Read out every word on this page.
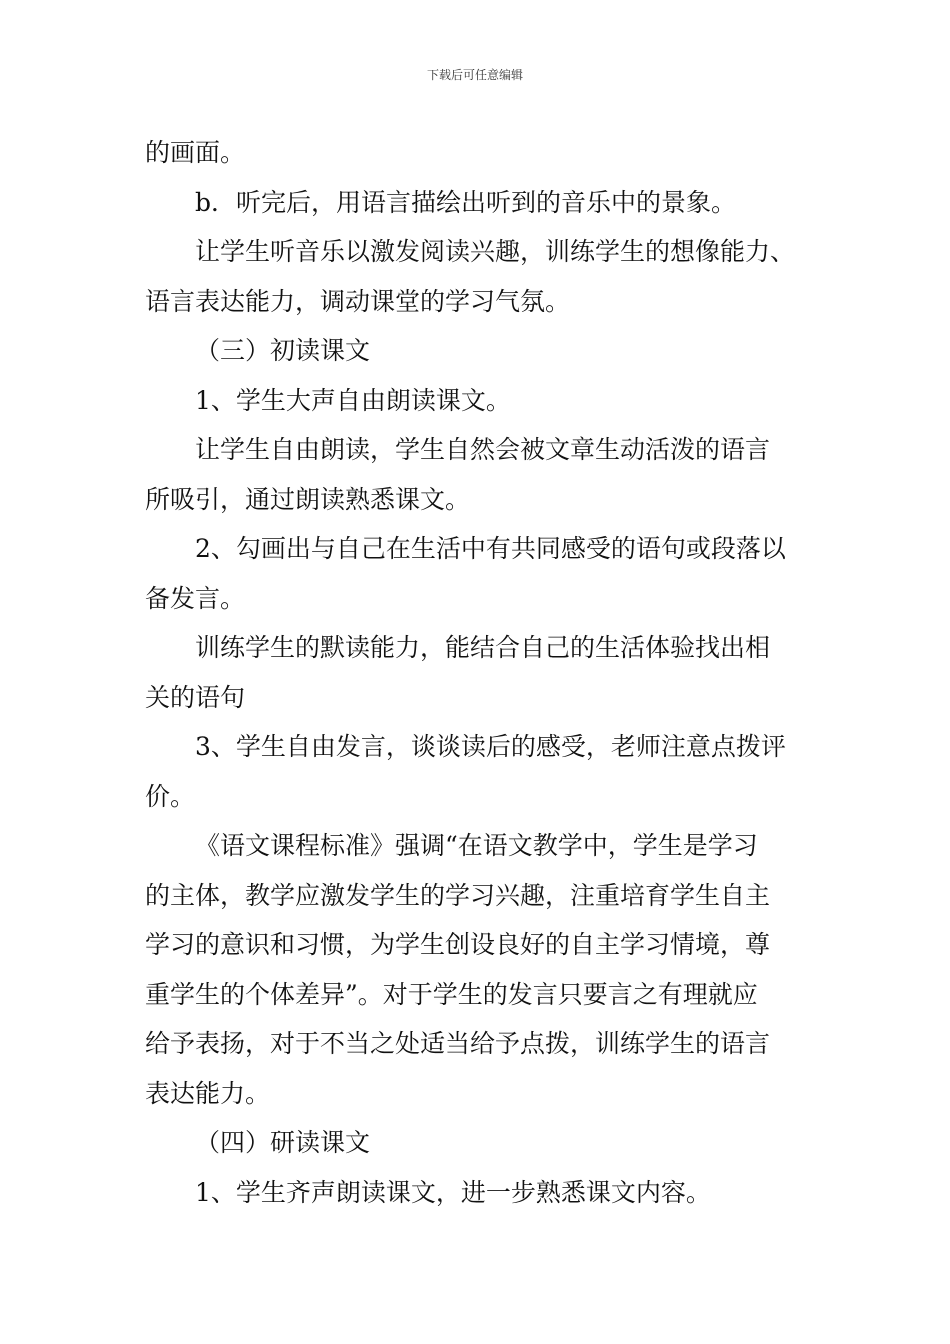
下载后可任意编辑
的画面。
b．听完后，用语言描绘出听到的音乐中的景象。
让学生听音乐以激发阅读兴趣，训练学生的想像能力、
语言表达能力，调动课堂的学习气氛。
（三）初读课文
1、学生大声自由朗读课文。
让学生自由朗读，学生自然会被文章生动活泼的语言
所吸引，通过朗读熟悉课文。
2、勾画出与自己在生活中有共同感受的语句或段落以
备发言。
训练学生的默读能力，能结合自己的生活体验找出相
关的语句
3、学生自由发言，谈谈读后的感受，老师注意点拨评
价。
《语文课程标准》强调“在语文教学中，学生是学习
的主体，教学应激发学生的学习兴趣，注重培育学生自主
学习的意识和习惯，为学生创设良好的自主学习情境，尊
重学生的个体差异”。对于学生的发言只要言之有理就应
给予表扬，对于不当之处适当给予点拨，训练学生的语言
表达能力。
（四）研读课文
1、学生齐声朗读课文，进一步熟悉课文内容。
